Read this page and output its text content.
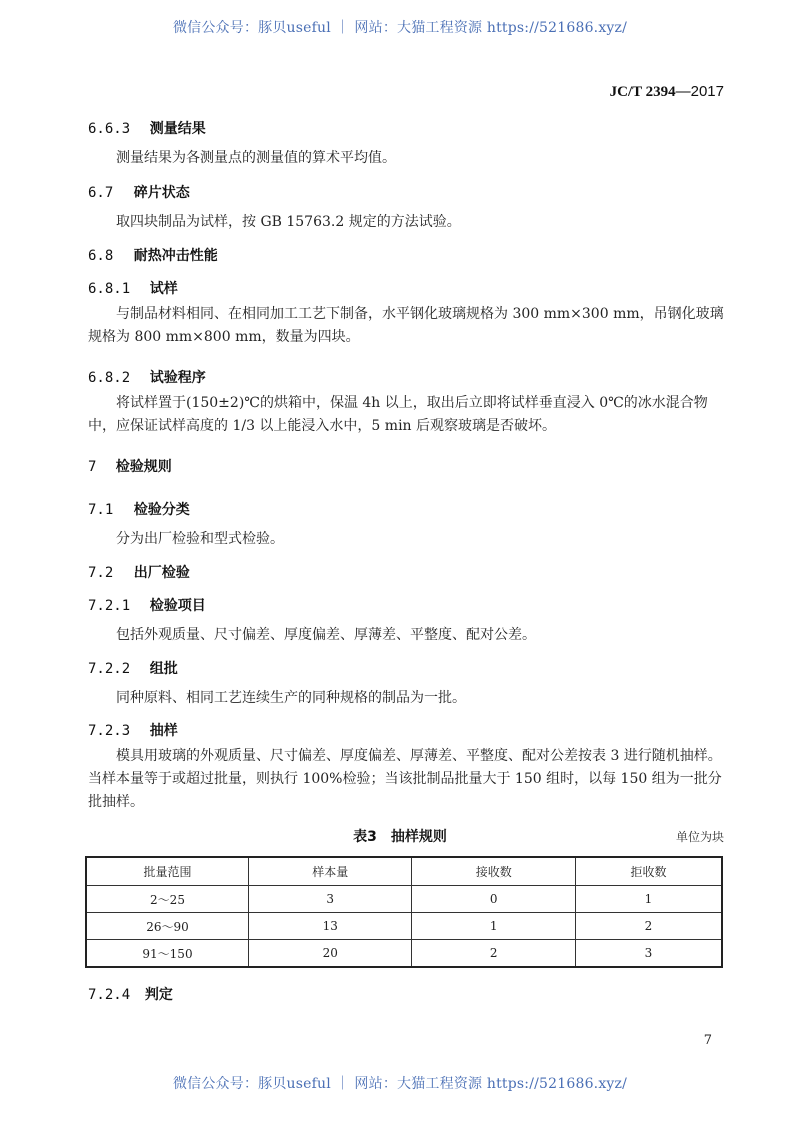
微信公众号：豚贝useful ｜ 网站：大猫工程资源 https://521686.xyz/
JC/T 2394—2017
6.6.3 测量结果
测量结果为各测量点的测量值的算术平均值。
6.7 碎片状态
取四块制品为试样，按 GB 15763.2 规定的方法试验。
6.8 耐热冲击性能
6.8.1 试样
与制品材料相同、在相同加工工艺下制备，水平钢化玻璃规格为 300 mm×300 mm，吊钢化玻璃规格为 800 mm×800 mm，数量为四块。
6.8.2 试验程序
将试样置于(150±2)℃的烘箱中，保温 4h 以上，取出后立即将试样垂直浸入 0℃的冰水混合物中，应保证试样高度的 1/3 以上能浸入水中，5 min 后观察玻璃是否破坏。
7 检验规则
7.1 检验分类
分为出厂检验和型式检验。
7.2 出厂检验
7.2.1 检验项目
包括外观质量、尺寸偏差、厚度偏差、厚薄差、平整度、配对公差。
7.2.2 组批
同种原料、相同工艺连续生产的同种规格的制品为一批。
7.2.3 抽样
模具用玻璃的外观质量、尺寸偏差、厚度偏差、厚薄差、平整度、配对公差按表 3 进行随机抽样。当样本量等于或超过批量，则执行 100%检验；当该批制品批量大于 150 组时，以每 150 组为一批分批抽样。
表3　抽样规则	单位为块
批量范围	样本量	接收数	拒收数
2～25	3	0	1
26～90	13	1	2
91～150	20	2	3
7.2.4 判定
7
微信公众号：豚贝useful ｜ 网站：大猫工程资源 https://521686.xyz/
